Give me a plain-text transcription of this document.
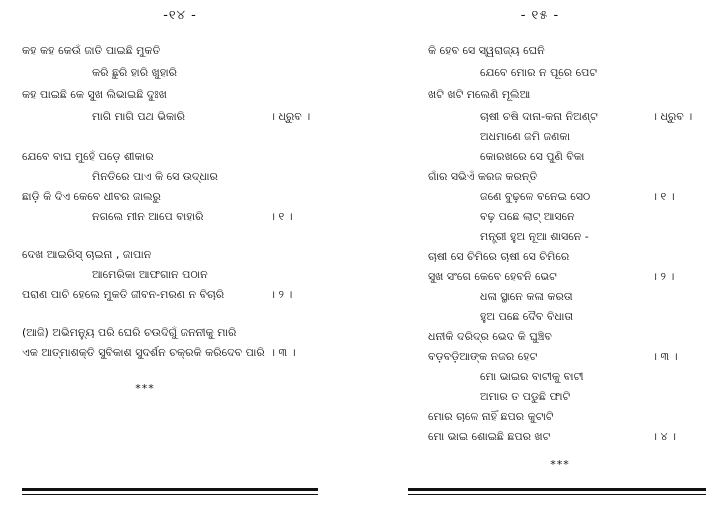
-୧୪ -
କହ କହ କେଉଁ ଜାତି ପାଇଛି ମୁକତି
କରି ଛୁରି ହାରି ଖୁହାରି
କହ ପାଇଛି କେ ସୁଖ ଲିଭାଇଛି ଦୁଃଖ
ମାଗି ମାଗି ପଥ ଭିକାରି	। ଧ୍ରୁବ ।
ଯେବେ ବାଘ ମୁହେଁ ପଡ଼େ ଶୀକାର
ମିନତିରେ ପାଏ କି ସେ ଉଦ୍ଧାର
ଛାଡ଼ି କି ଦିଏ କେବେ ଧୀବର ଜାଲରୁ
ନଗଲେ ମୀନ ଆପେ ବାହାରି	। ୧ ।
ଦେଖ ଆଇରିସ୍ ଚାଇନା , ଜାପାନ
ଆମେରିକା ଆଫଗାନ ପଠାନ
ପରାଣ ପାଚି ହେଲେ ମୁକତି ଜୀବନ-ମରଣ ନ ବିଚାରି	। ୨ ।
(ଆଜି) ଅଭିମନ୍ୟୁ ପରି ଘେରି ଚଉଦିଗୁଁ ଜନନୀକୁ ମାରି
ଏକ ଆତ୍ମାଶକ୍ତି ସୁବିକାଶ ସୁଦର୍ଶନ ଚକ୍ରକି କରିଦେବ ପାରି । ୩ ।
***
- ୧୫ -
କି ହେବ ସେ ସ୍ୱରାଜ୍ୟ ଘେନି
ଯେବେ ମୋର ନ ପୂରେ ପେଟ
ଖଟି ଖଟି ମଲେଣି ମୂଲିଆ
ଚାଷୀ ଚଷି ଦାନା-କନା ନିଅଣ୍ଟ	। ଧ୍ରୁବ ।
ଅଧମାଣେ ଜମି ଜଣକା
କୋରଖରେ ସେ ପୁଣି ବିକା
ଗାଁର ସଭିଏଁ କରଜ କରନ୍ତି
ଜଣେ ବୁଢ଼ଳେ ବନେଇ ସେଠ	। ୧ ।
ବଢ଼ ପଛେ ଲାଟ୍ ଆସନେ
ମନ୍ତ୍ରୀ ହୁଅ ନୂଆ ଶାସନେ -
ଚାଷୀ ସେ ଚିମିରେ ଚାଷୀ ସେ ଚିମିରେ
ସୁଖ ସଂଗେ କେବେ ହେବନି ଭେଟ	। ୨ ।
ଧଳା ସ୍ଥାନେ କଳା କରତା
ହୁଅ ପଛେ ଦୈବ ବିଧାତା
ଧନୀକି ଦରିଦ୍ର ଭେଦ କି ଘୁଞ୍ଚିବ
ବଡ଼ବଡ଼ିଆଙ୍କ ନଜର ହେଟ	। ୩ ।
ମୋ ଭାଇର ବାଟୀକୁ ବାଟୀ
ଅମାର ତ ପଡୁଛି ଫାଟି
ମୋର ଚାଳେ ନାହିଁ ଛପର କୁଟାଟି
ମୋ ଭାଇ ଶୋଇଛି ଛପର ଖଟ	। ୪ ।
***
